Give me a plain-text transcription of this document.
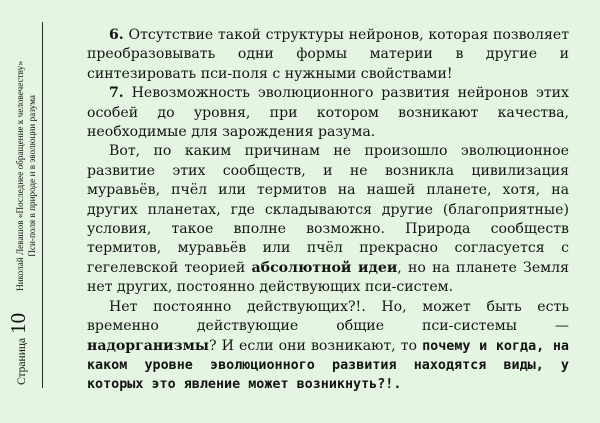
Страница
10
Николай Левашов «Последнее обращение к человечеству» Пси-поля в природе и в эволюции разума

6. Отсутствие такой структуры нейронов, которая позволяет преобразовывать одни формы материи в другие и синтезировать пси-поля с нужными свойствами!

7. Невозможность эволюционного развития нейронов этих особей до уровня, при котором возникают качества, необходимые для зарождения разума.

Вот, по каким причинам не произошло эволюционное развитие этих сообществ, и не возникла цивилизация муравьёв, пчёл или термитов на нашей планете, хотя, на других планетах, где складываются другие (благоприятные) условия, такое вполне возможно. Природа сообществ термитов, муравьёв или пчёл прекрасно согласуется с гегелевской теорией абсолютной идеи, но на планете Земля нет других, постоянно действующих пси-систем.

Нет постоянно действующих?!. Но, может быть есть временно действующие общие пси-системы — надорганизмы? И если они возникают, то почему и когда, на каком уровне эволюционного развития находятся виды, у которых это явление может возникнуть?!.
